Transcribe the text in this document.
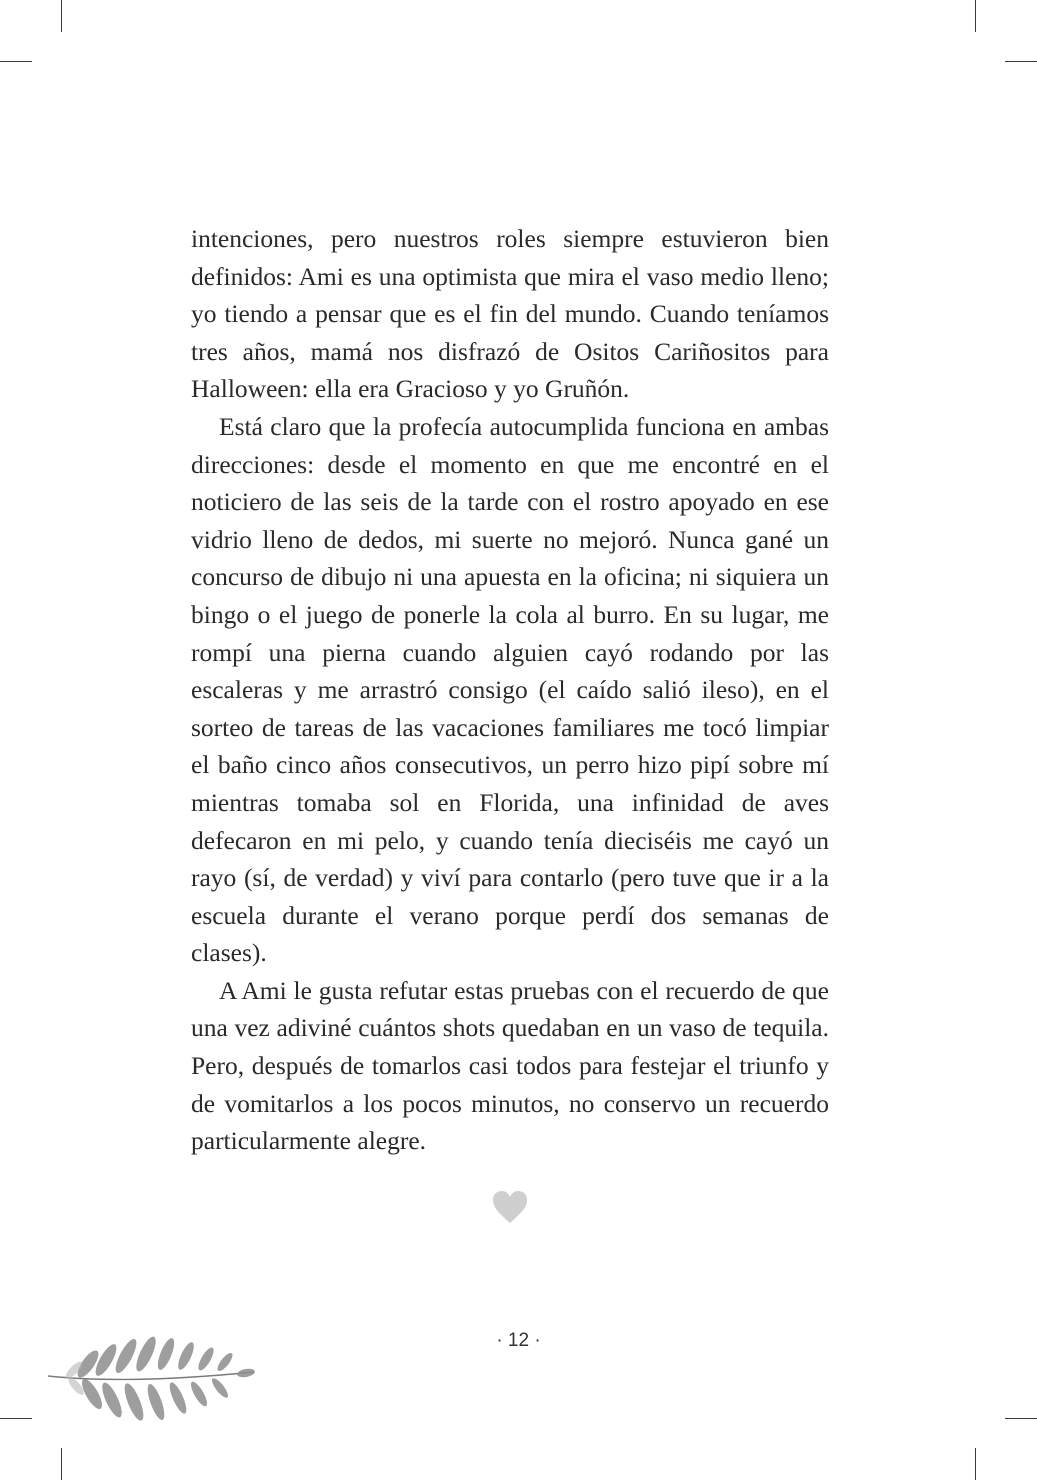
intenciones, pero nuestros roles siempre estuvieron bien definidos: Ami es una optimista que mira el vaso medio lleno; yo tiendo a pensar que es el fin del mundo. Cuando teníamos tres años, mamá nos disfrazó de Ositos Cariñositos para Halloween: ella era Gracioso y yo Gruñón.

Está claro que la profecía autocumplida funciona en ambas direcciones: desde el momento en que me encontré en el noticiero de las seis de la tarde con el rostro apoyado en ese vidrio lleno de dedos, mi suerte no mejoró. Nunca gané un concurso de dibujo ni una apuesta en la oficina; ni siquiera un bingo o el juego de ponerle la cola al burro. En su lugar, me rompí una pierna cuando alguien cayó rodando por las escaleras y me arrastró consigo (el caído salió ileso), en el sorteo de tareas de las vacaciones familiares me tocó limpiar el baño cinco años consecutivos, un perro hizo pipí sobre mí mientras tomaba sol en Florida, una infinidad de aves defecaron en mi pelo, y cuando tenía dieciséis me cayó un rayo (sí, de verdad) y viví para contarlo (pero tuve que ir a la escuela durante el verano porque perdí dos semanas de clases).

A Ami le gusta refutar estas pruebas con el recuerdo de que una vez adiviné cuántos shots quedaban en un vaso de tequila. Pero, después de tomarlos casi todos para festejar el triunfo y de vomitarlos a los pocos minutos, no conservo un recuerdo particularmente alegre.

· 12 ·
